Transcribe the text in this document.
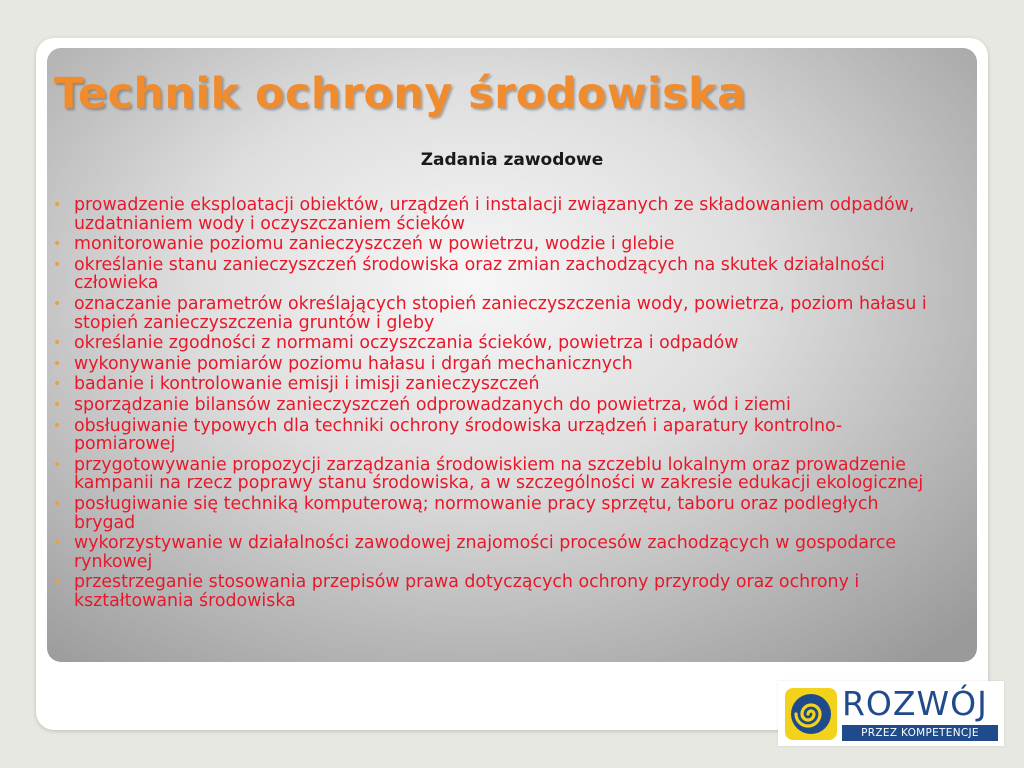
Technik ochrony środowiska
Zadania zawodowe
• prowadzenie eksploatacji obiektów, urządzeń i instalacji związanych ze składowaniem odpadów, uzdatnianiem wody i oczyszczaniem ścieków
• monitorowanie poziomu zanieczyszczeń w powietrzu, wodzie i glebie
• określanie stanu zanieczyszczeń środowiska oraz zmian zachodzących na skutek działalności człowieka
• oznaczanie parametrów określających stopień zanieczyszczenia wody, powietrza, poziom hałasu i stopień zanieczyszczenia gruntów i gleby
• określanie zgodności z normami oczyszczania ścieków, powietrza i odpadów
• wykonywanie pomiarów poziomu hałasu i drgań mechanicznych
• badanie i kontrolowanie emisji i imisji zanieczyszczeń
• sporządzanie bilansów zanieczyszczeń odprowadzanych do powietrza, wód i ziemi
• obsługiwanie typowych dla techniki ochrony środowiska urządzeń i aparatury kontrolno-pomiarowej
• przygotowywanie propozycji zarządzania środowiskiem na szczeblu lokalnym oraz prowadzenie kampanii na rzecz poprawy stanu środowiska, a w szczególności w zakresie edukacji ekologicznej
• posługiwanie się techniką komputerową; normowanie pracy sprzętu, taboru oraz podległych brygad
• wykorzystywanie w działalności zawodowej znajomości procesów zachodzących w gospodarce rynkowej
• przestrzeganie stosowania przepisów prawa dotyczących ochrony przyrody oraz ochrony i kształtowania środowiska
ROZWÓJ
PRZEZ KOMPETENCJE
